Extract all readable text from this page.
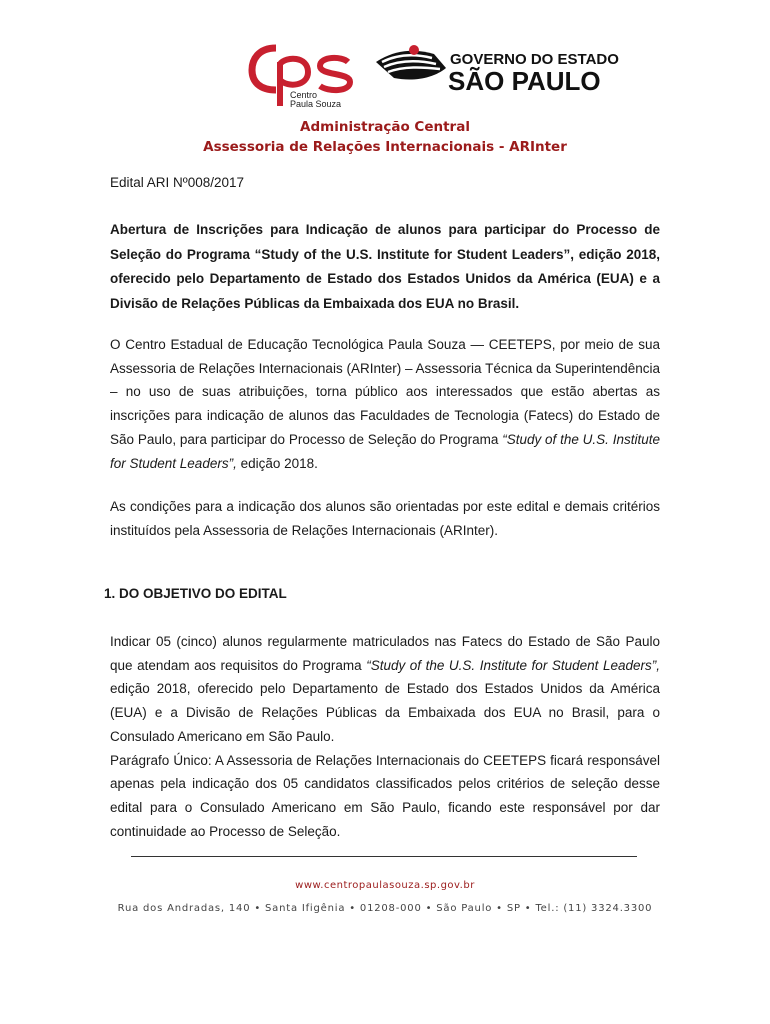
Centro
Paula Souza
GOVERNO DO ESTADO
SÃO PAULO
Administração Central
Assessoria de Relações Internacionais - ARInter
Edital ARI Nº008/2017

Abertura de Inscrições para Indicação de alunos para participar do Processo de Seleção do Programa “Study of the U.S. Institute for Student Leaders”, edição 2018, oferecido pelo Departamento de Estado dos Estados Unidos da América (EUA) e a Divisão de Relações Públicas da Embaixada dos EUA no Brasil.

O Centro Estadual de Educação Tecnológica Paula Souza — CEETEPS, por meio de sua Assessoria de Relações Internacionais (ARInter) – Assessoria Técnica da Superintendência – no uso de suas atribuições, torna público aos interessados que estão abertas as inscrições para indicação de alunos das Faculdades de Tecnologia (Fatecs) do Estado de São Paulo, para participar do Processo de Seleção do Programa “Study of the U.S. Institute for Student Leaders”, edição 2018.

As condições para a indicação dos alunos são orientadas por este edital e demais critérios instituídos pela Assessoria de Relações Internacionais (ARInter).

1. DO OBJETIVO DO EDITAL

Indicar 05 (cinco) alunos regularmente matriculados nas Fatecs do Estado de São Paulo que atendam aos requisitos do Programa “Study of the U.S. Institute for Student Leaders”, edição 2018, oferecido pelo Departamento de Estado dos Estados Unidos da América (EUA) e a Divisão de Relações Públicas da Embaixada dos EUA no Brasil, para o Consulado Americano em São Paulo.

Parágrafo Único: A Assessoria de Relações Internacionais do CEETEPS ficará responsável apenas pela indicação dos 05 candidatos classificados pelos critérios de seleção desse edital para o Consulado Americano em São Paulo, ficando este responsável por dar continuidade ao Processo de Seleção.

www.centropaulasouza.sp.gov.br
Rua dos Andradas, 140 • Santa Ifigênia • 01208-000 • São Paulo • SP • Tel.: (11) 3324.3300
